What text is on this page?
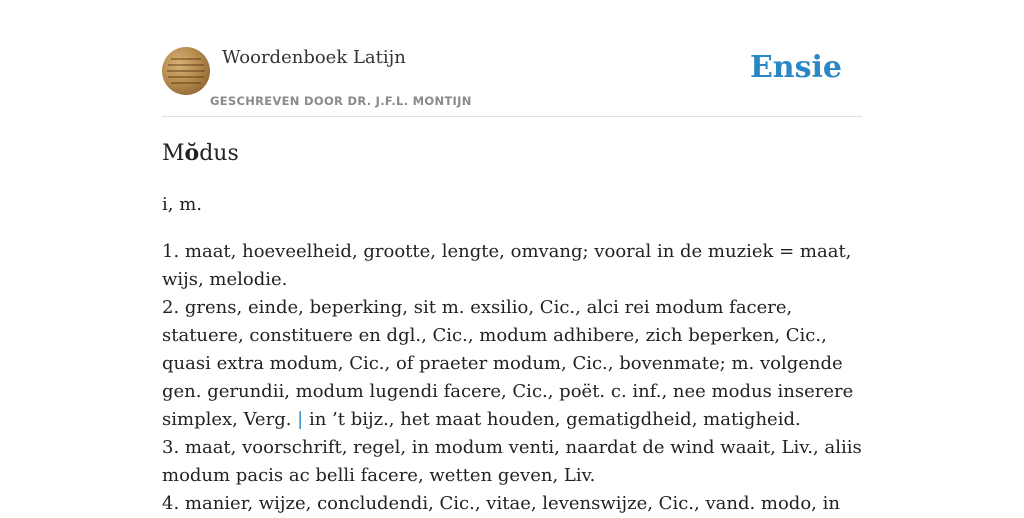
Woordenboek Latijn
GESCHREVEN DOOR DR. J.F.L. MONTIJN
Ensie
Mŏdus
i, m.

1. maat, hoeveelheid, grootte, lengte, omvang; vooral in de muziek = maat, wijs, melodie.

2. grens, einde, beperking, sit m. exsilio, Cic., alci rei modum facere, statuere, constituere en dgl., Cic., modum adhibere, zich beperken, Cic., quasi extra modum, Cic., of praeter modum, Cic., bovenmate; m. volgende gen. gerundii, modum lugendi facere, Cic., poët. c. inf., nee modus inserere simplex, Verg. | in ’t bijz., het maat houden, gematigdheid, matigheid.

3. maat, voorschrift, regel, in modum venti, naardat de wind waait, Liv., aliis modum pacis ac belli facere, wetten geven, Liv.

4. manier, wijze, concludendi, Cic., vitae, levenswijze, Cic., vand. modo, in
